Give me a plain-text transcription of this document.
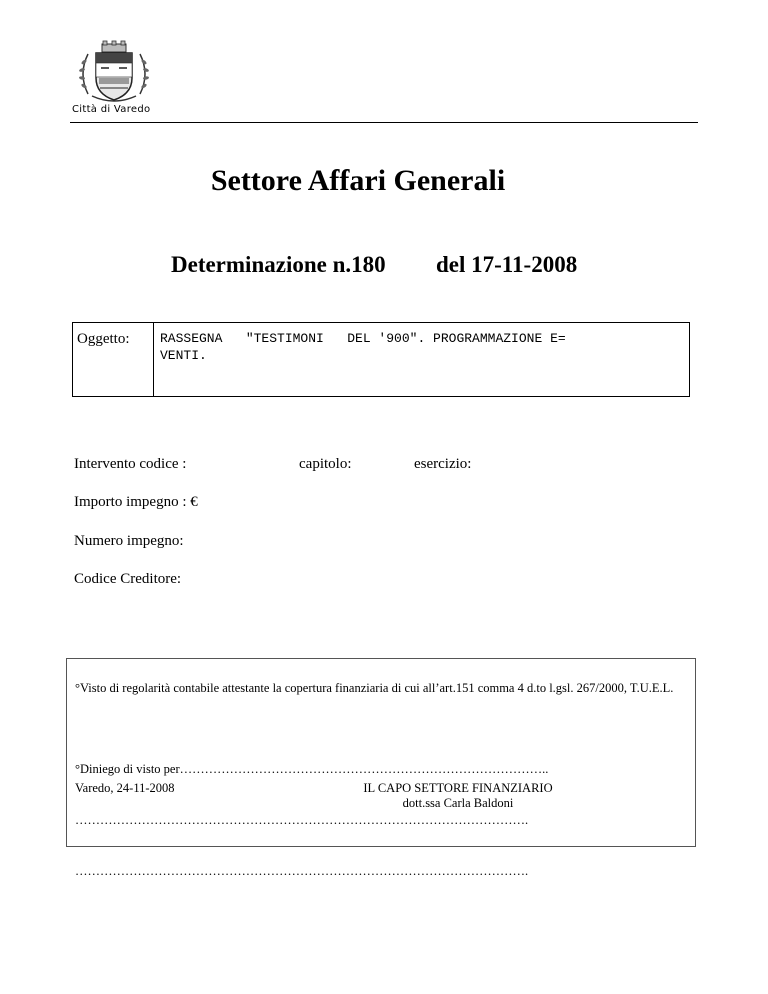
Città di Varedo
Settore Affari Generali
Determinazione n.180 del 17-11-2008
Oggetto: RASSEGNA   "TESTIMONI   DEL '900". PROGRAMMAZIONE E=
VENTI.
Intervento codice :	capitolo:	esercizio:
Importo impegno : €
Numero impegno:
Codice Creditore:
°Visto di regolarità contabile attestante la copertura finanziaria di cui all’art.151 comma 4 d.to l.gsl. 267/2000, T.U.E.L.

°Diniego di visto per……………………………………………………………………………..

……………………………………………………………………………………………….

……………………………………………………………………………………………….

Varedo, 24-11-2008	IL CAPO SETTORE FINANZIARIO
dott.ssa Carla Baldoni
